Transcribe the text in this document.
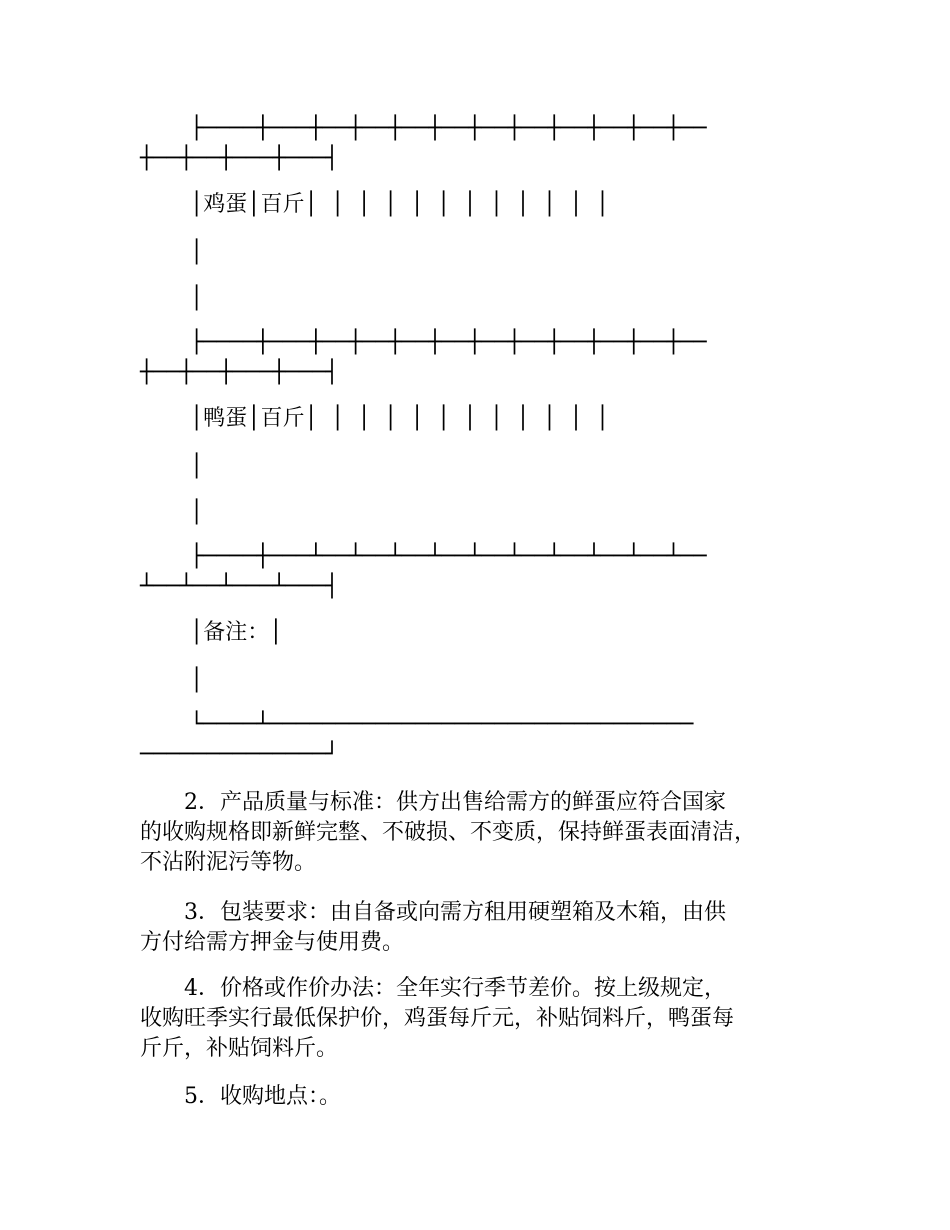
├────┼───┼──┼──┼──┼──┼──┼──┼──┼──┼──┼──
┼──┼──┼───┼───┤
│鸡蛋│百斤│ │ │ │ │ │ │ │ │ │ │ │
│
│
├────┼───┼──┼──┼──┼──┼──┼──┼──┼──┼──┼──
┼──┼──┼───┼───┤
│鸭蛋│百斤│ │ │ │ │ │ │ │ │ │ │ │
│
│
├────┼───┴──┴──┴──┴──┴──┴──┴──┴──┴──┴──
┴──┴──┴───┴───┤
│备注：│
│
└────┴────────────────────────────────
──────────────┘
2．产品质量与标准：供方出售给需方的鲜蛋应符合国家
的收购规格即新鲜完整、不破损、不变质，保持鲜蛋表面清洁，
不沾附泥污等物。
3．包装要求：由自备或向需方租用硬塑箱及木箱，由供
方付给需方押金与使用费。
4．价格或作价办法：全年实行季节差价。按上级规定，
收购旺季实行最低保护价，鸡蛋每斤元，补贴饲料斤，鸭蛋每
斤斤，补贴饲料斤。
5．收购地点：。
